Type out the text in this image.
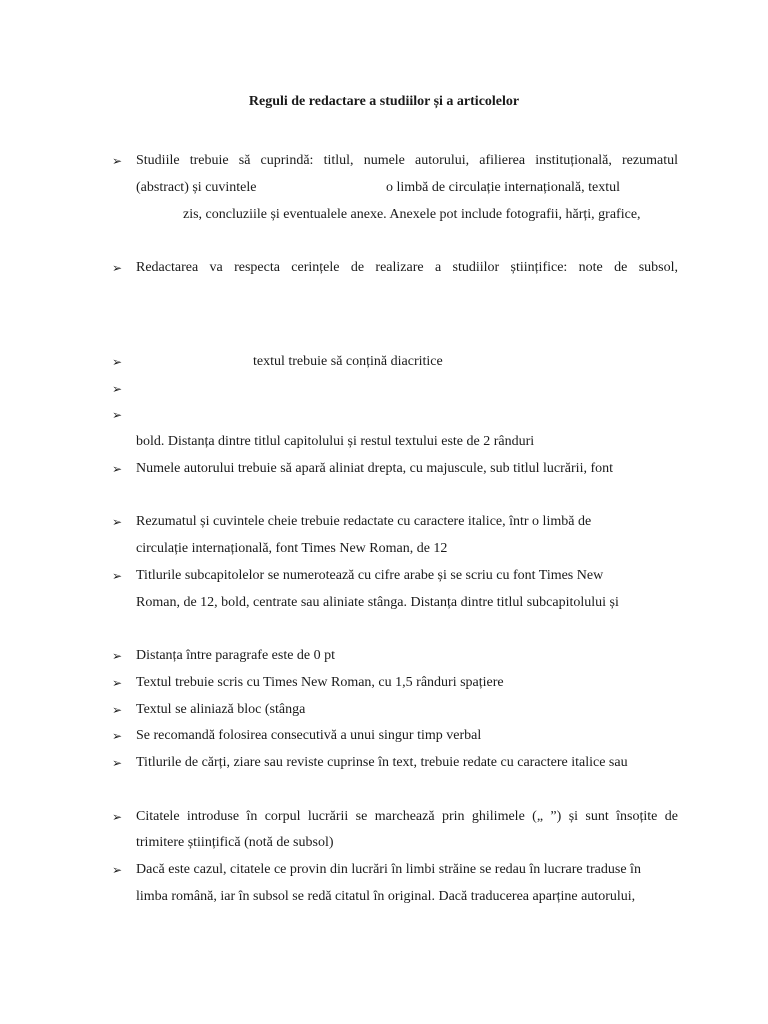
Reguli de redactare a studiilor și a articolelor
➢
➢
➢
➢
➢
➢
➢
➢
➢
➢
➢
➢
➢
➢
➢
Studiile trebuie să cuprindă: titlul, numele autorului, afilierea instituțională, rezumatul
(abstract) și cuvintele	o limbă de circulație internațională, textul
zis, concluziile și eventualele anexe. Anexele pot include fotografii, hărți, grafice,
Redactarea va respecta cerințele de realizare a studiilor științifice: note de subsol,
textul trebuie să conțină diacritice
bold. Distanța dintre titlul capitolului și restul textului este de 2 rânduri
Numele autorului trebuie să apară aliniat drepta, cu majuscule, sub titlul lucrării, font
Rezumatul și cuvintele cheie trebuie redactate cu caractere italice, într o limbă de
circulație internațională, font Times New Roman, de 12
Titlurile subcapitolelor se numerotează cu cifre arabe și se scriu cu font Times New
Roman, de 12, bold, centrate sau aliniate stânga. Distanța dintre titlul subcapitolului și
Distanța între paragrafe este de 0 pt
Textul trebuie scris cu Times New Roman, cu 1,5 rânduri spațiere
Textul se aliniază bloc (stânga
Se recomandă folosirea consecutivă a unui singur timp verbal
Titlurile de cărți, ziare sau reviste cuprinse în text, trebuie redate cu caractere italice sau
Citatele introduse în corpul lucrării se marchează prin ghilimele („ ”) și sunt însoțite de
trimitere științifică (notă de subsol)
Dacă este cazul, citatele ce provin din lucrări în limbi străine se redau în lucrare traduse în
limba română, iar în subsol se redă citatul în original. Dacă traducerea aparține autorului,
